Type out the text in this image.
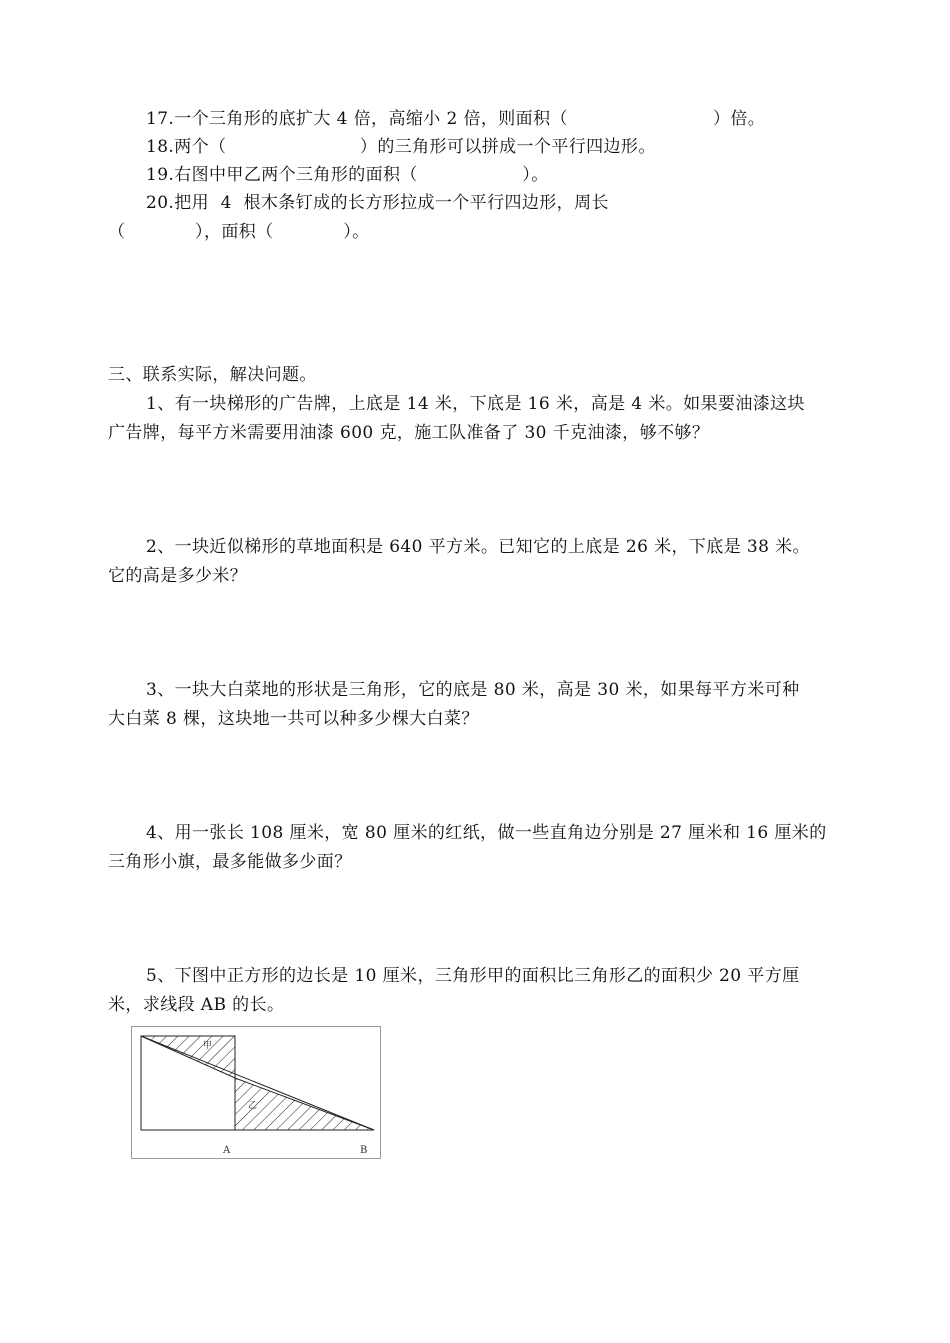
17.一个三角形的底扩大 4 倍，高缩小 2 倍，则面积（                         ）倍。
18.两个（                       ）的三角形可以拼成一个平行四边形。
19.右图中甲乙两个三角形的面积（                  ）。
20.把用  4  根木条钉成的长方形拉成一个平行四边形，周长
（            ），面积（            ）。
三、联系实际，解决问题。
1、有一块梯形的广告牌，上底是 14 米，下底是 16 米，高是 4 米。如果要油漆这块
广告牌，每平方米需要用油漆 600 克，施工队准备了 30 千克油漆，够不够？
2、一块近似梯形的草地面积是 640 平方米。已知它的上底是 26 米，下底是 38 米。
它的高是多少米？
3、一块大白菜地的形状是三角形，它的底是 80 米，高是 30 米，如果每平方米可种
大白菜 8 棵，这块地一共可以种多少棵大白菜？
4、用一张长 108 厘米，宽 80 厘米的红纸，做一些直角边分别是 27 厘米和 16 厘米的
三角形小旗，最多能做多少面？
5、下图中正方形的边长是 10 厘米，三角形甲的面积比三角形乙的面积少 20 平方厘
米，求线段 AB 的长。
甲
乙
A	B
